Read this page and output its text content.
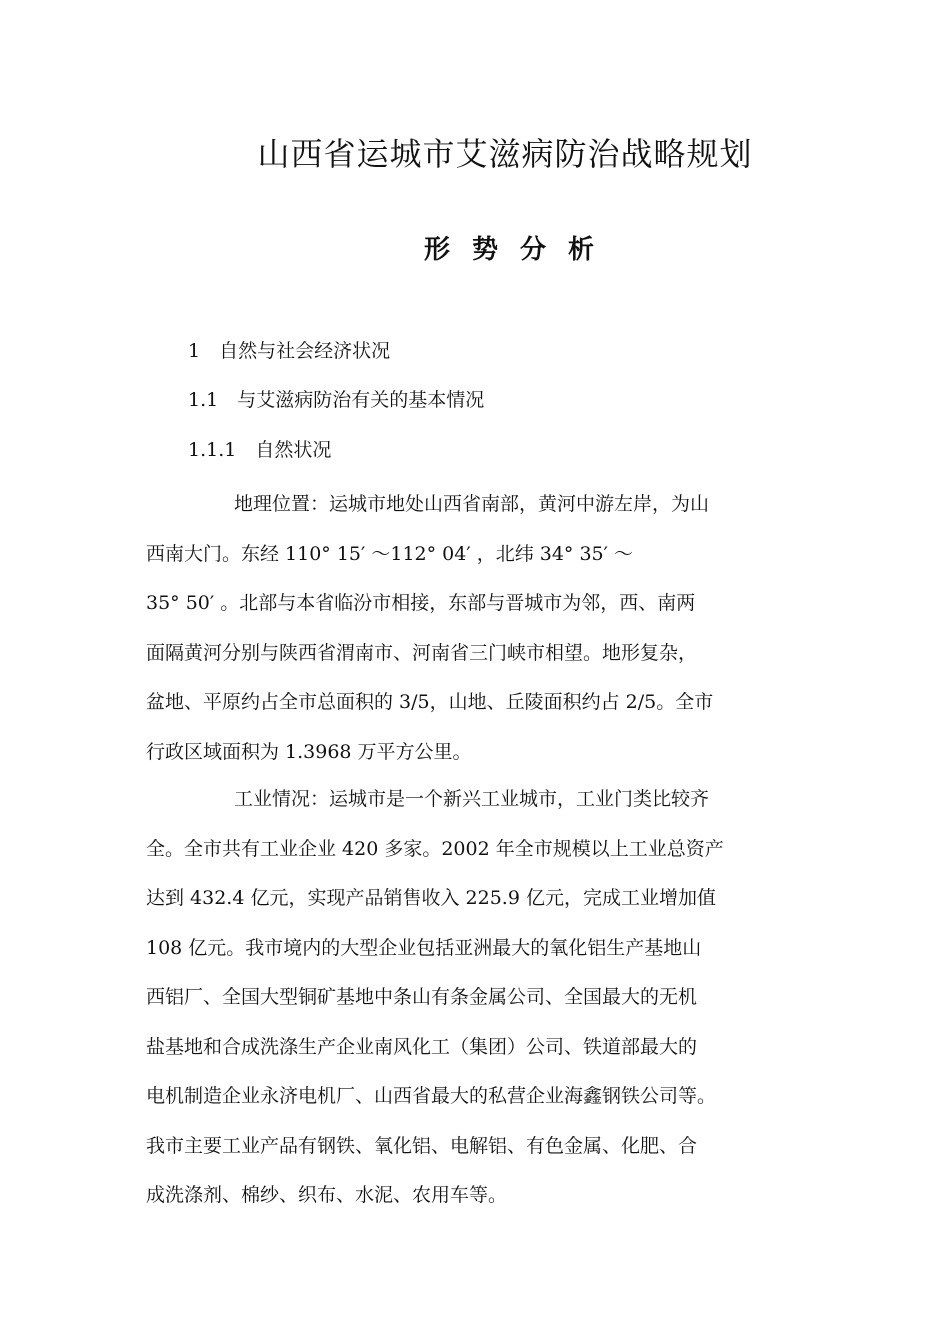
山西省运城市艾滋病防治战略规划
形势分析
1　自然与社会经济状况
1.1　与艾滋病防治有关的基本情况
1.1.1　自然状况
地理位置：运城市地处山西省南部，黄河中游左岸，为山
西南大门。东经 110° 15′ ～112° 04′ ，北纬 34° 35′ ～
35° 50′ 。北部与本省临汾市相接，东部与晋城市为邻，西、南两
面隔黄河分别与陕西省渭南市、河南省三门峡市相望。地形复杂，
盆地、平原约占全市总面积的 3/5，山地、丘陵面积约占 2/5。全市
行政区域面积为 1.3968 万平方公里。
工业情况：运城市是一个新兴工业城市，工业门类比较齐
全。全市共有工业企业 420 多家。2002 年全市规模以上工业总资产
达到 432.4 亿元，实现产品销售收入 225.9 亿元，完成工业增加值
108 亿元。我市境内的大型企业包括亚洲最大的氧化铝生产基地山
西铝厂、全国大型铜矿基地中条山有条金属公司、全国最大的无机
盐基地和合成洗涤生产企业南风化工（集团）公司、铁道部最大的
电机制造企业永济电机厂、山西省最大的私营企业海鑫钢铁公司等。
我市主要工业产品有钢铁、氧化铝、电解铝、有色金属、化肥、合
成洗涤剂、棉纱、织布、水泥、农用车等。
